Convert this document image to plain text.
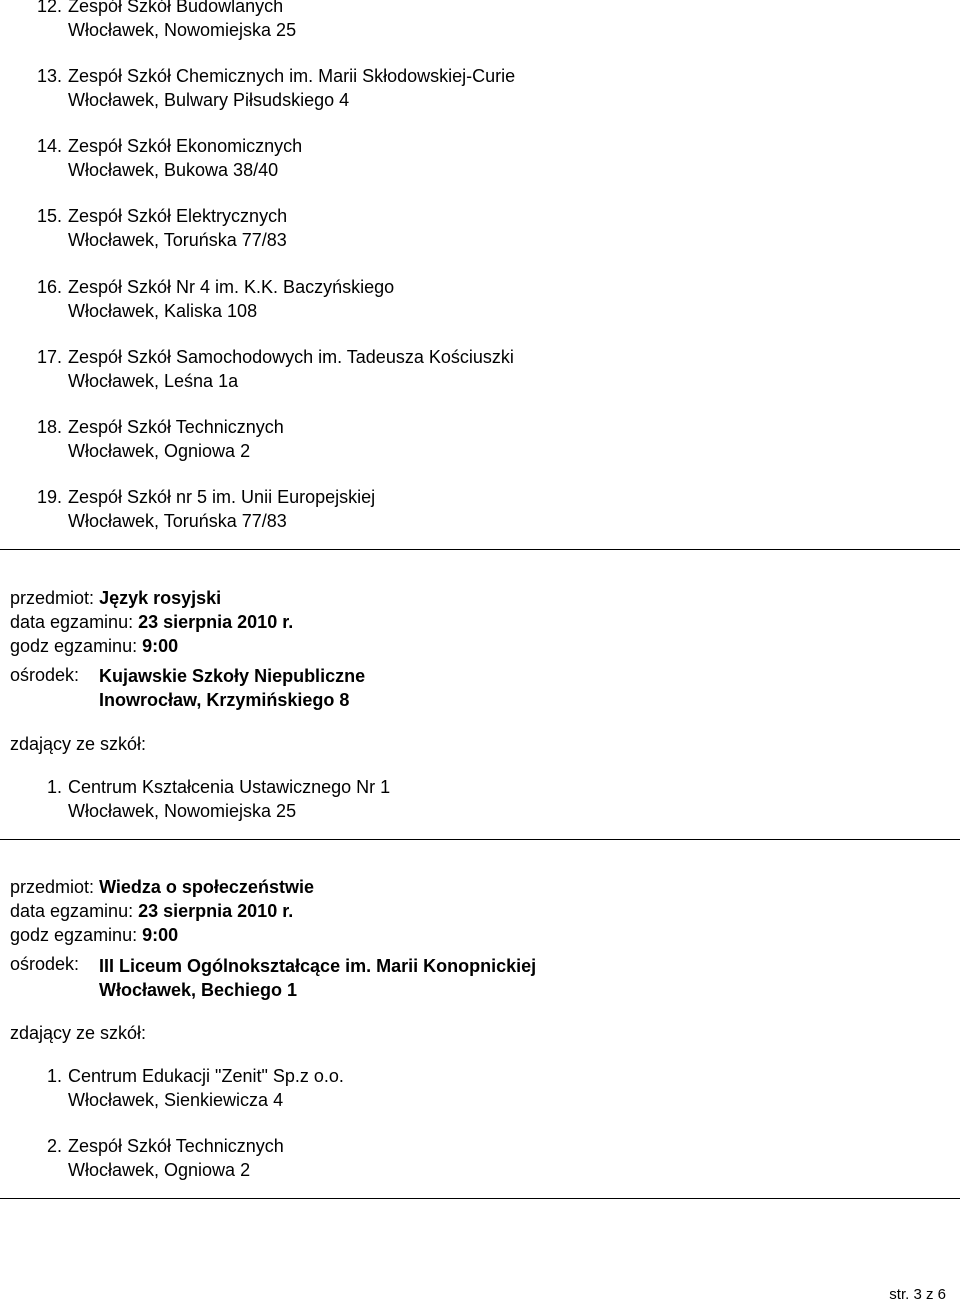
12. Zespół Szkół Budowlanych
Włocławek, Nowomiejska 25
13. Zespół Szkół Chemicznych im. Marii Skłodowskiej-Curie
Włocławek, Bulwary Piłsudskiego 4
14. Zespół Szkół Ekonomicznych
Włocławek, Bukowa 38/40
15. Zespół Szkół Elektrycznych
Włocławek, Toruńska 77/83
16. Zespół Szkół Nr 4 im. K.K. Baczyńskiego
Włocławek, Kaliska 108
17. Zespół Szkół Samochodowych im. Tadeusza Kościuszki
Włocławek, Leśna 1a
18. Zespół Szkół Technicznych
Włocławek, Ogniowa 2
19. Zespół Szkół nr 5 im. Unii Europejskiej
Włocławek, Toruńska 77/83
przedmiot: Język rosyjski
data egzaminu: 23 sierpnia 2010 r.
godz egzaminu: 9:00
ośrodek: Kujawskie Szkoły Niepubliczne
Inowrocław, Krzymińskiego 8
zdający ze szkół:
1. Centrum Kształcenia Ustawicznego Nr 1
Włocławek, Nowomiejska 25
przedmiot: Wiedza o społeczeństwie
data egzaminu: 23 sierpnia 2010 r.
godz egzaminu: 9:00
ośrodek: III Liceum Ogólnokształcące im. Marii Konopnickiej
Włocławek, Bechiego 1
zdający ze szkół:
1. Centrum Edukacji "Zenit" Sp.z o.o.
Włocławek, Sienkiewicza 4
2. Zespół Szkół Technicznych
Włocławek, Ogniowa 2
str. 3 z 6
